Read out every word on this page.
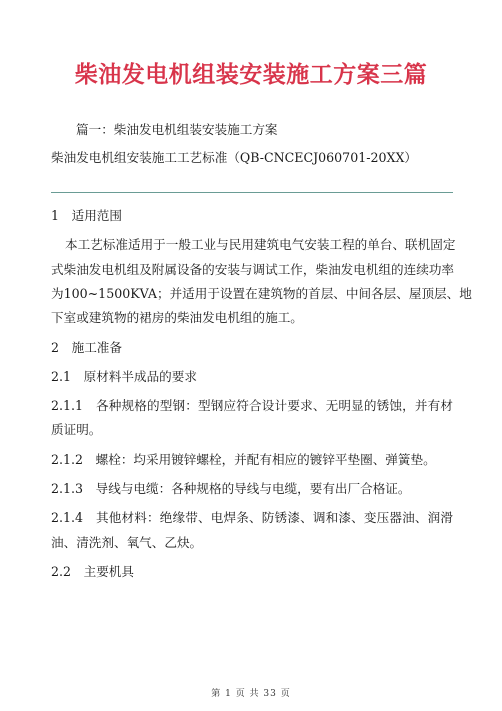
柴油发电机组装安装施工方案三篇
篇一：柴油发电机组装安装施工方案
柴油发电机组安装施工工艺标准（QB-CNCECJ060701-20XX）
1　适用范围
本工艺标准适用于一般工业与民用建筑电气安装工程的单台、联机固定
式柴油发电机组及附属设备的安装与调试工作，柴油发电机组的连续功率
为100~1500KVA；并适用于设置在建筑物的首层、中间各层、屋顶层、地
下室或建筑物的裙房的柴油发电机组的施工。
2　施工准备
2.1　原材料半成品的要求
2.1.1　各种规格的型钢：型钢应符合设计要求、无明显的锈蚀，并有材
质证明。
2.1.2　螺栓：均采用镀锌螺栓，并配有相应的镀锌平垫圈、弹簧垫。
2.1.3　导线与电缆：各种规格的导线与电缆，要有出厂合格证。
2.1.4　其他材料：绝缘带、电焊条、防锈漆、调和漆、变压器油、润滑
油、清洗剂、氧气、乙炔。
2.2　主要机具
第 1 页 共 33 页
